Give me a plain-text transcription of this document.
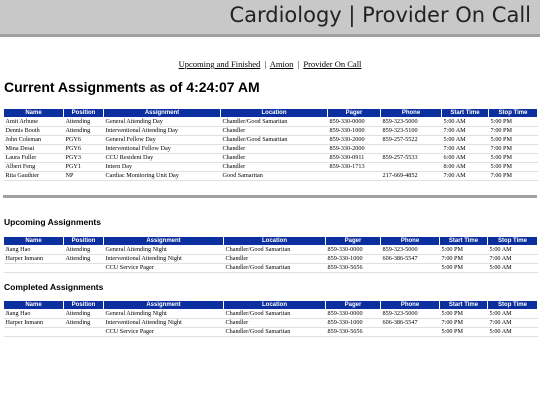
Cardiology | Provider On Call
Upcoming and Finished | Amion | Provider On Call
Current Assignments as of 4:24:07 AM
Name	Position	Assignment	Location	Pager	Phone	Start Time	Stop Time
Amit Arbune	Attending	General Attending Day	Chandler/Good Samaritan	859-330-0000	859-323-5000	5:00 AM	5:00 PM
Dennis Booth	Attending	Interventional Attending Day	Chandler	859-330-1000	859-323-5100	7:00 AM	7:00 PM
John Coleman	PGY6	General Fellow Day	Chandler/Good Samaritan	859-330-2000	859-257-5522	5:00 AM	5:00 PM
Mina Desai	PGY6	Interventional Fellow Day	Chandler	859-330-2000		7:00 AM	7:00 PM
Laura Fuller	PGY3	CCU Resident Day	Chandler	859-330-0911	859-257-5533	6:00 AM	5:00 PM
Albert Feng	PGY1	Intern Day	Chandler	859-330-1713		8:00 AM	5:00 PM
Rita Gauthier	NP	Cardiac Monitoring Unit Day	Good Samaritan		217-669-4852	7:00 AM	7:00 PM
Upcoming Assignments
Name	Position	Assignment	Location	Pager	Phone	Start Time	Stop Time
Jiang Hao	Attending	General Attending Night	Chandler/Good Samaritan	859-330-0000	859-323-5000	5:00 PM	5:00 AM
Harper Inmann	Attending	Interventional Attending Night	Chandler	859-330-1000	606-386-5547	7:00 PM	7:00 AM
		CCU Service Pager	Chandler/Good Samaritan	859-330-5656		5:00 PM	5:00 AM
Completed Assignments
Name	Position	Assignment	Location	Pager	Phone	Start Time	Stop Time
Jiang Hao	Attending	General Attending Night	Chandler/Good Samaritan	859-330-0000	859-323-5000	5:00 PM	5:00 AM
Harper Inmann	Attending	Interventional Attending Night	Chandler	859-330-1000	606-386-5547	7:00 PM	7:00 AM
		CCU Service Pager	Chandler/Good Samaritan	859-330-5656		5:00 PM	5:00 AM
